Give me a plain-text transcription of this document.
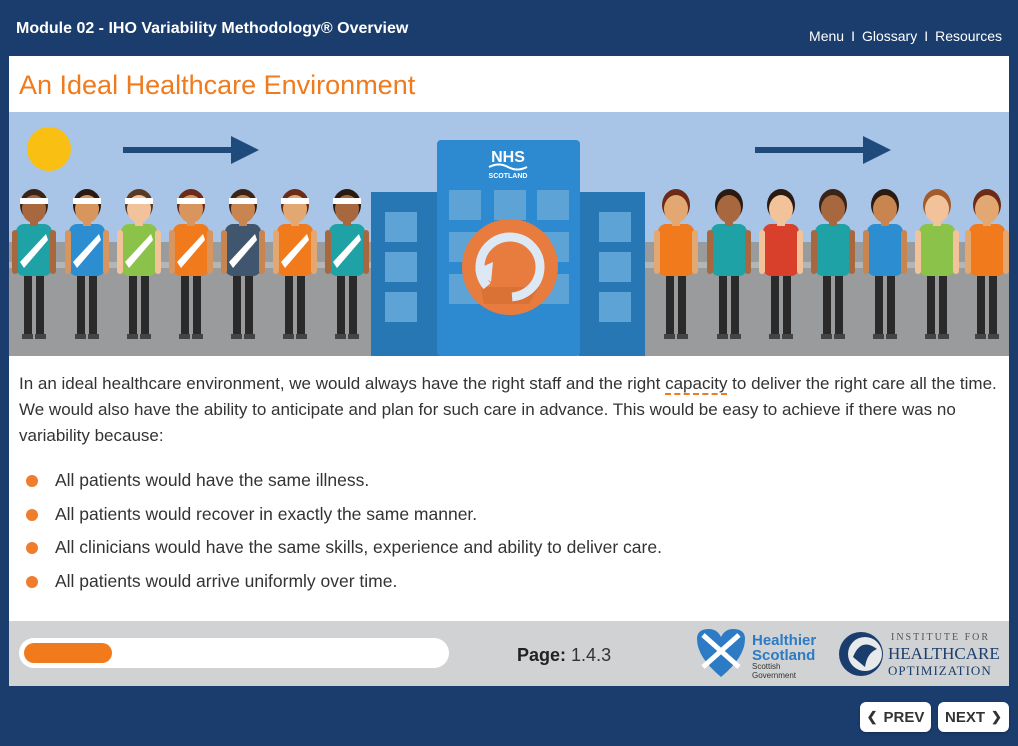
Module 02 - IHO Variability Methodology® Overview	Menu I Glossary I Resources
An Ideal Healthcare Environment
NHS
SCOTLAND
In an ideal healthcare environment, we would always have the right staff and the right capacity to deliver the right care all the time. We would also have the ability to anticipate and plan for such care in advance. This would be easy to achieve if there was no variability because:
All patients would have the same illness.
All patients would recover in exactly the same manner.
All clinicians would have the same skills, experience and ability to deliver care.
All patients would arrive uniformly over time.
Page: 1.4.3
Healthier
Scotland
Scottish
Government
INSTITUTE FOR
HEALTHCARE
OPTIMIZATION
❮ PREV NEXT ❯
